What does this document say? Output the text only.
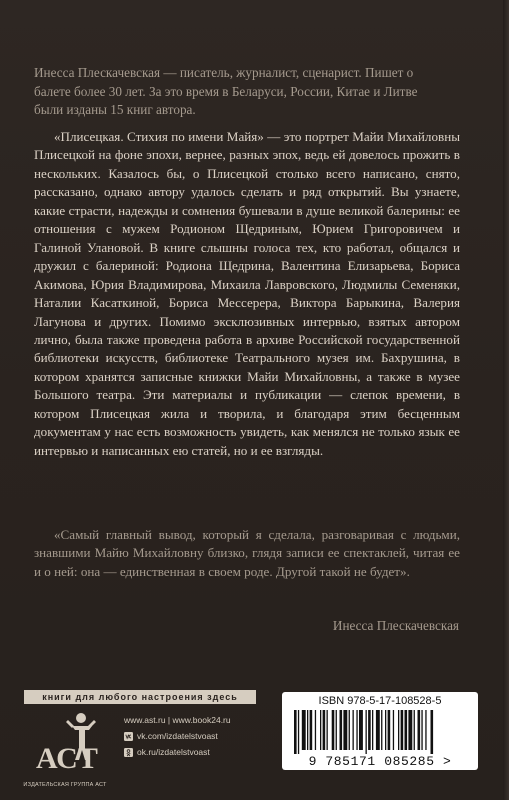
Инесса Плескачевская — писатель, журналист, сценарист. Пишет о балете более 30 лет. За это время в Беларуси, России, Китае и Литве были изданы 15 книг автора.

«Плисецкая. Стихия по имени Майя» — это портрет Майи Михайловны Плисецкой на фоне эпохи, вернее, разных эпох, ведь ей довелось прожить в нескольких. Казалось бы, о Плисецкой столько всего написано, снято, рассказано, однако автору удалось сделать и ряд открытий. Вы узнаете, какие страсти, надежды и сомнения бушевали в душе великой балерины: ее отношения с мужем Родионом Щедриным, Юрием Григоровичем и Галиной Улановой. В книге слышны голоса тех, кто работал, общался и дружил с балериной: Родиона Щедрина, Валентина Елизарьева, Бориса Акимова, Юрия Владимирова, Михаила Лавровского, Людмилы Семеняки, Наталии Касаткиной, Бориса Мессерера, Виктора Барыкина, Валерия Лагунова и других. Помимо эксклюзивных интервью, взятых автором лично, была также проведена работа в архиве Российской государственной библиотеки искусств, библиотеке Театрального музея им. Бахрушина, в котором хранятся записные книжки Майи Михайловны, а также в музее Большого театра. Эти материалы и публикации — слепок времени, в котором Плисецкая жила и творила, и благодаря этим бесценным документам у нас есть возможность увидеть, как менялся не только язык ее интервью и написанных ею статей, но и ее взгляды.

«Самый главный вывод, который я сделала, разговаривая с людьми, знавшими Майю Михайловну близко, глядя записи ее спектаклей, читая ее и о ней: она — единственная в своем роде. Другой такой не будет».

Инесса Плескачевская
книги для любого настроения здесь
АСТ
ИЗДАТЕЛЬСКАЯ ГРУППА АСТ
www.ast.ru | www.book24.ru
vk.com/izdatelstvoast
ok.ru/izdatelstvoast
ISBN 978-5-17-108528-5
9 785171 085285 >
